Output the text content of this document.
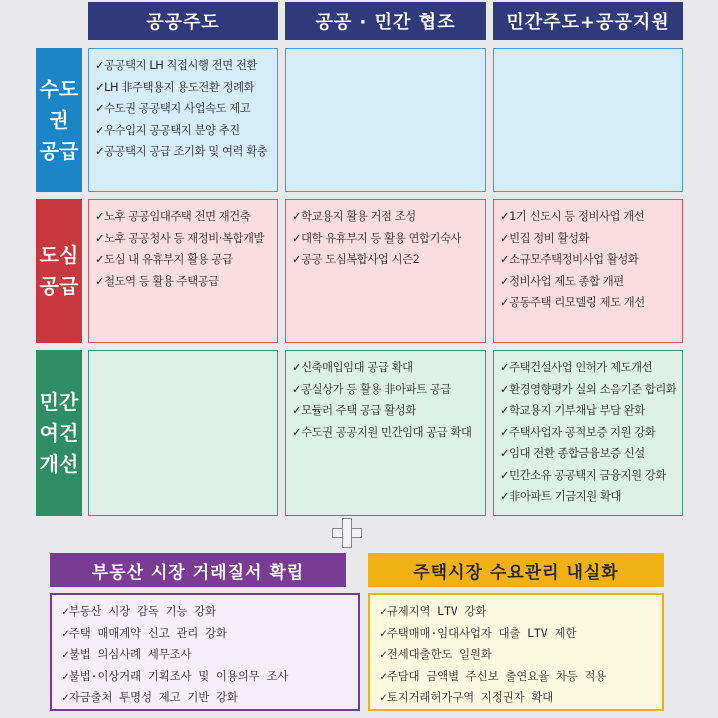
공공주도	공공 · 민간 협조	민간주도+공공지원
수도권
공급
도심
공급
민간여건
개선
✓ 공공택지 LH 직접시행 전면 전환
✓ LH 非주택용지 용도전환 정례화
✓ 수도권 공공택지 사업속도 제고
✓ 우수입지 공공택지 분양 추진
✓ 공공택지 공급 조기화 및 여력 확충
✓ 노후 공공임대주택 전면 재건축
✓ 노후 공공청사 등 재정비·복합개발
✓ 도심 내 유휴부지 활용 공급
✓ 철도역 등 활용 주택공급
✓ 학교용지 활용 거점 조성
✓ 대학 유휴부지 등 활용 연합기숙사
✓ 공공 도심복합사업 시즌2
✓ 1기 신도시 등 정비사업 개선
✓ 빈집 정비 활성화
✓ 소규모주택정비사업 활성화
✓ 정비사업 제도 종합 개편
✓ 공동주택 리모델링 제도 개선
✓ 신축매입임대 공급 확대
✓ 공실상가 등 활용 非아파트 공급
✓ 모듈러 주택 공급 활성화
✓ 수도권 공공지원 민간임대 공급 확대
✓ 주택건설사업 인허가 제도개선
✓ 환경영향평가 실외 소음기준 합리화
✓ 학교용지 기부채납 부담 완화
✓ 주택사업자 공적보증 지원 강화
✓ 임대 전환 종합금융보증 신설
✓ 민간소유 공공택지 금융지원 강화
✓ 非아파트 기금지원 확대
부동산 시장 거래질서 확립
✓ 부동산 시장 감독 기능 강화
✓ 주택 매매계약 신고 관리 강화
✓ 불법 의심사례 세무조사
✓ 불법·이상거래 기획조사 및 이용의무 조사
✓ 자금출처 투명성 제고 기반 강화
주택시장 수요관리 내실화
✓ 규제지역 LTV 강화
✓ 주택매매·임대사업자 대출 LTV 제한
✓ 전세대출한도 일원화
✓ 주담대 금액별 주신보 출연요율 차등 적용
✓ 토지거래허가구역 지정권자 확대
